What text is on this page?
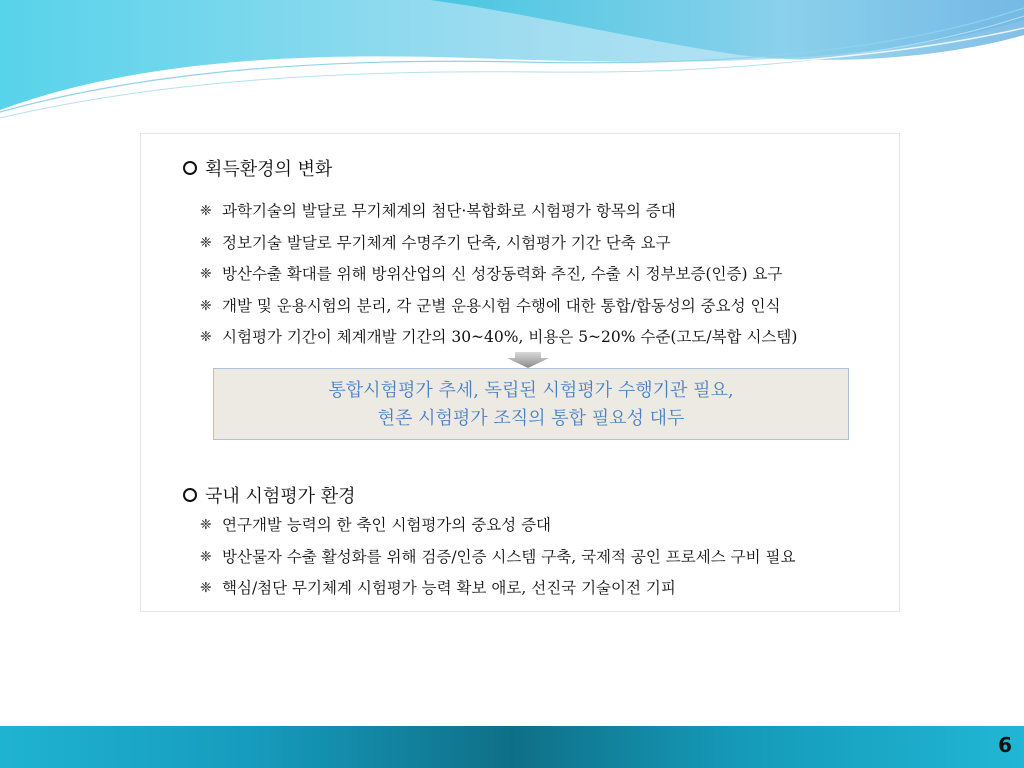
획득환경의 변화
❈ 과학기술의 발달로 무기체계의 첨단·복합화로 시험평가 항목의 증대
❈ 정보기술 발달로 무기체계 수명주기 단축, 시험평가 기간 단축 요구
❈ 방산수출 확대를 위해 방위산업의 신 성장동력화 추진, 수출 시 정부보증(인증) 요구
❈ 개발 및 운용시험의 분리, 각 군별 운용시험 수행에 대한 통합/합동성의 중요성 인식
❈ 시험평가 기간이 체계개발 기간의 30~40%, 비용은 5~20% 수준(고도/복합 시스템)
통합시험평가 추세, 독립된 시험평가 수행기관 필요,
현존 시험평가 조직의 통합 필요성 대두
국내 시험평가 환경
❈ 연구개발 능력의 한 축인 시험평가의 중요성 증대
❈ 방산물자 수출 활성화를 위해 검증/인증 시스템 구축, 국제적 공인 프로세스 구비 필요
❈ 핵심/첨단 무기체계 시험평가 능력 확보 애로, 선진국 기술이전 기피
6
